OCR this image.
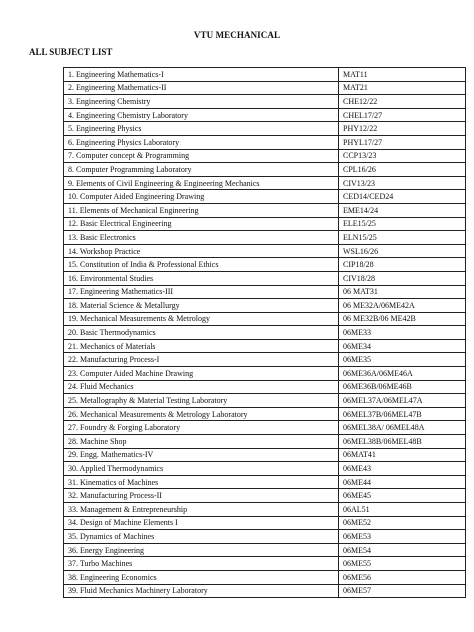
VTU MECHANICAL
ALL SUBJECT LIST
1. Engineering Mathematics-I	MAT11
2. Engineering Mathematics-II	MAT21
3. Engineering Chemistry	CHE12/22
4. Engineering Chemistry Laboratory	CHEL17/27
5. Engineering Physics	PHY12/22
6. Engineering Physics Laboratory	PHYL17/27
7. Computer concept & Programming	CCP13/23
8. Computer Programming Laboratory	CPL16/26
9. Elements of Civil Engineering & Engineering Mechanics	CIV13/23
10. Computer Aided Engineering Drawing	CED14/CED24
11. Elements of Mechanical Engineering	EME14/24
12. Basic Electrical Engineering	ELE15/25
13. Basic Electronics	ELN15/25
14. Workshop Practice	WSL16/26
15. Constitution of India & Professional Ethics	CIP18/28
16. Environmental Studies	CIV18/28
17. Engineering Mathematics-III	06 MAT31
18. Material Science & Metallurgy	06 ME32A/06ME42A
19. Mechanical Measurements & Metrology	06 ME32B/06 ME42B
20. Basic Thermodynamics	06ME33
21. Mechanics of Materials	06ME34
22. Manufacturing Process-I	06ME35
23. Computer Aided Machine Drawing	06ME36A/06ME46A
24. Fluid Mechanics	06ME36B/06ME46B
25. Metallography & Material Testing Laboratory	06MEL37A/06MEL47A
26. Mechanical Measurements & Metrology Laboratory	06MEL37B/06MEL47B
27. Foundry & Forging Laboratory	06MEL38A/ 06MEL48A
28. Machine Shop	06MEL38B/06MEL48B
29. Engg. Mathematics-IV	06MAT41
30. Applied Thermodynamics	06ME43
31. Kinematics of Machines	06ME44
32. Manufacturing Process-II	06ME45
33. Management & Entrepreneurship	06AL51
34. Design of Machine Elements I	06ME52
35. Dynamics of Machines	06ME53
36. Energy Engineering	06ME54
37. Turbo Machines	06ME55
38. Engineering Economics	06ME56
39. Fluid Mechanics Machinery Laboratory	06ME57
